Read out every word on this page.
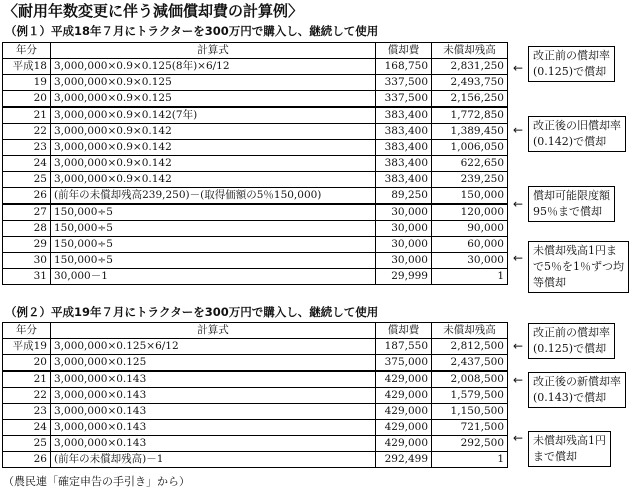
〈耐用年数変更に伴う減価償却費の計算例〉
（例１）平成18年７月にトラクターを300万円で購入し、継続して使用
年分	計算式	償却費	未償却残高
平成18	3,000,000×0.9×0.125(8年)×6/12	168,750	2,831,250
19	3,000,000×0.9×0.125	337,500	2,493,750
20	3,000,000×0.9×0.125	337,500	2,156,250
21	3,000,000×0.9×0.142(7年)	383,400	1,772,850
22	3,000,000×0.9×0.142	383,400	1,389,450
23	3,000,000×0.9×0.142	383,400	1,006,050
24	3,000,000×0.9×0.142	383,400	622,650
25	3,000,000×0.9×0.142	383,400	239,250
26	(前年の未償却残高239,250)－(取得価額の5％150,000)	89,250	150,000
27	150,000÷5	30,000	120,000
28	150,000÷5	30,000	90,000
29	150,000÷5	30,000	60,000
30	150,000÷5	30,000	30,000
31	30,000－1	29,999	1
（例２）平成19年７月にトラクターを300万円で購入し、継続して使用
年分	計算式	償却費	未償却残高
平成19	3,000,000×0.125×6/12	187,550	2,812,500
20	3,000,000×0.125	375,000	2,437,500
21	3,000,000×0.143	429,000	2,008,500
22	3,000,000×0.143	429,000	1,579,500
23	3,000,000×0.143	429,000	1,150,500
24	3,000,000×0.143	429,000	721,500
25	3,000,000×0.143	429,000	292,500
26	(前年の未償却残高)－1	292,499	1
改正前の償却率
(0.125)で償却
←
改正後の旧償却率
(0.142)で償却
←
償却可能限度額
95％まで償却
←
未償却残高1円ま
で5％を1％ずつ均
等償却
←
改正前の償却率
(0.125)で償却
←
改正後の新償却率
(0.143)で償却
←
未償却残高1円
まで償却
←
（農民連「確定申告の手引き」から）
